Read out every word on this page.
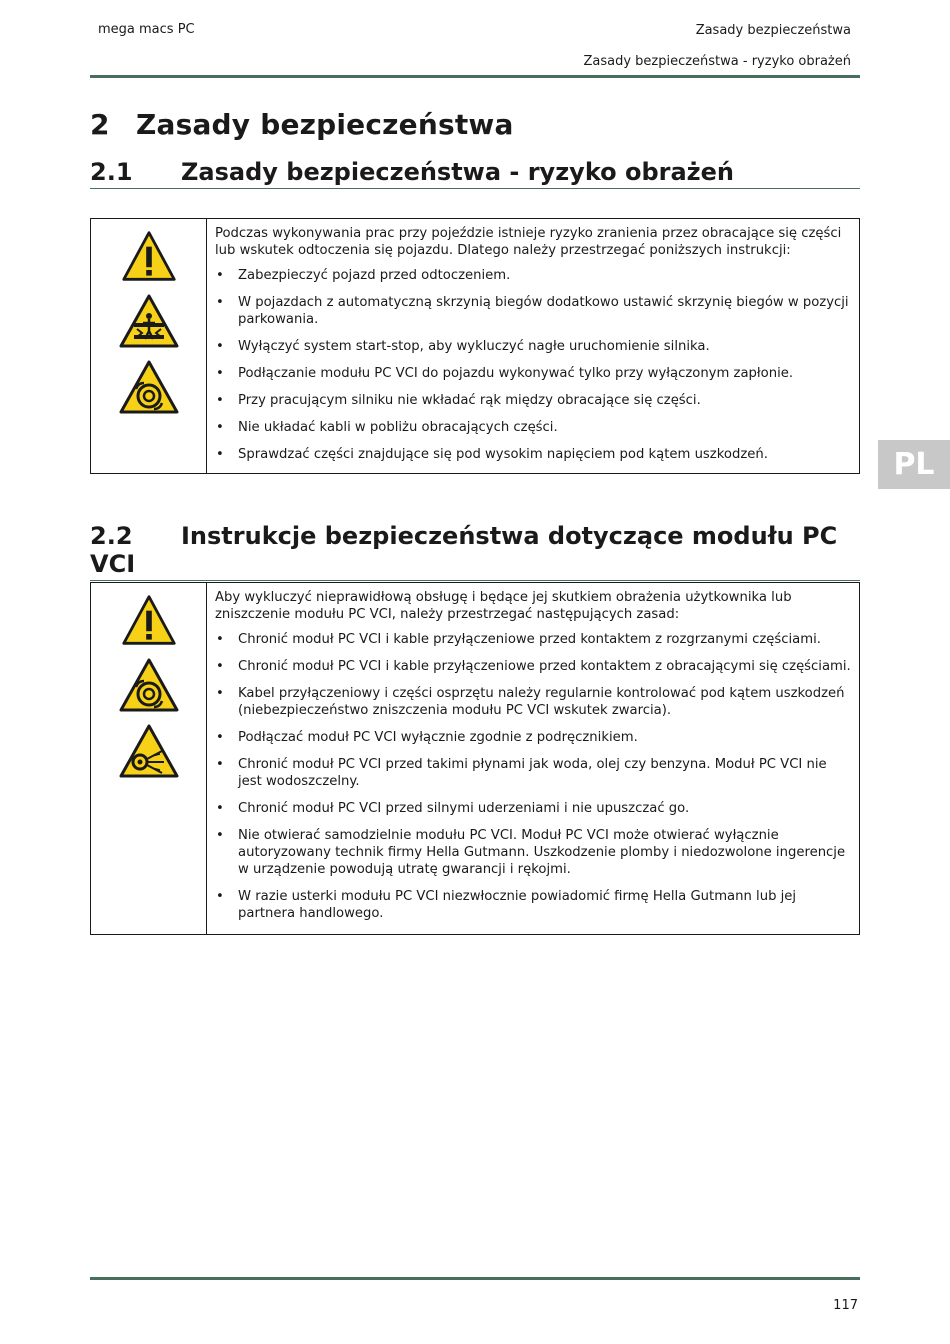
mega macs PC	Zasady bezpieczeństwa
Zasady bezpieczeństwa - ryzyko obrażeń
2 Zasady bezpieczeństwa
2.1 Zasady bezpieczeństwa - ryzyko obrażeń

Podczas wykonywania prac przy pojeździe istnieje ryzyko zranienia przez obracające się części lub wskutek odtoczenia się pojazdu. Dlatego należy przestrzegać poniższych instrukcji:

• Zabezpieczyć pojazd przed odtoczeniem.
• W pojazdach z automatyczną skrzynią biegów dodatkowo ustawić skrzynię biegów w pozycji parkowania.
• Wyłączyć system start-stop, aby wykluczyć nagłe uruchomienie silnika.
• Podłączanie modułu PC VCI do pojazdu wykonywać tylko przy wyłączonym zapłonie.
• Przy pracującym silniku nie wkładać rąk między obracające się części.
• Nie układać kabli w pobliżu obracających części.
• Sprawdzać części znajdujące się pod wysokim napięciem pod kątem uszkodzeń.	PL
2.2 Instrukcje bezpieczeństwa dotyczące modułu PC VCI

Aby wykluczyć nieprawidłową obsługę i będące jej skutkiem obrażenia użytkownika lub zniszczenie modułu PC VCI, należy przestrzegać następujących zasad:

• Chronić moduł PC VCI i kable przyłączeniowe przed kontaktem z rozgrzanymi częściami.
• Chronić moduł PC VCI i kable przyłączeniowe przed kontaktem z obracającymi się częściami.
• Kabel przyłączeniowy i części osprzętu należy regularnie kontrolować pod kątem uszkodzeń (niebezpieczeństwo zniszczenia modułu PC VCI wskutek zwarcia).
• Podłączać moduł PC VCI wyłącznie zgodnie z podręcznikiem.
• Chronić moduł PC VCI przed takimi płynami jak woda, olej czy benzyna. Moduł PC VCI nie jest wodoszczelny.
• Chronić moduł PC VCI przed silnymi uderzeniami i nie upuszczać go.
• Nie otwierać samodzielnie modułu PC VCI. Moduł PC VCI może otwierać wyłącznie autoryzowany technik firmy Hella Gutmann. Uszkodzenie plomby i niedozwolone ingerencje w urządzenie powodują utratę gwarancji i rękojmi.
• W razie usterki modułu PC VCI niezwłocznie powiadomić firmę Hella Gutmann lub jej partnera handlowego.
117
